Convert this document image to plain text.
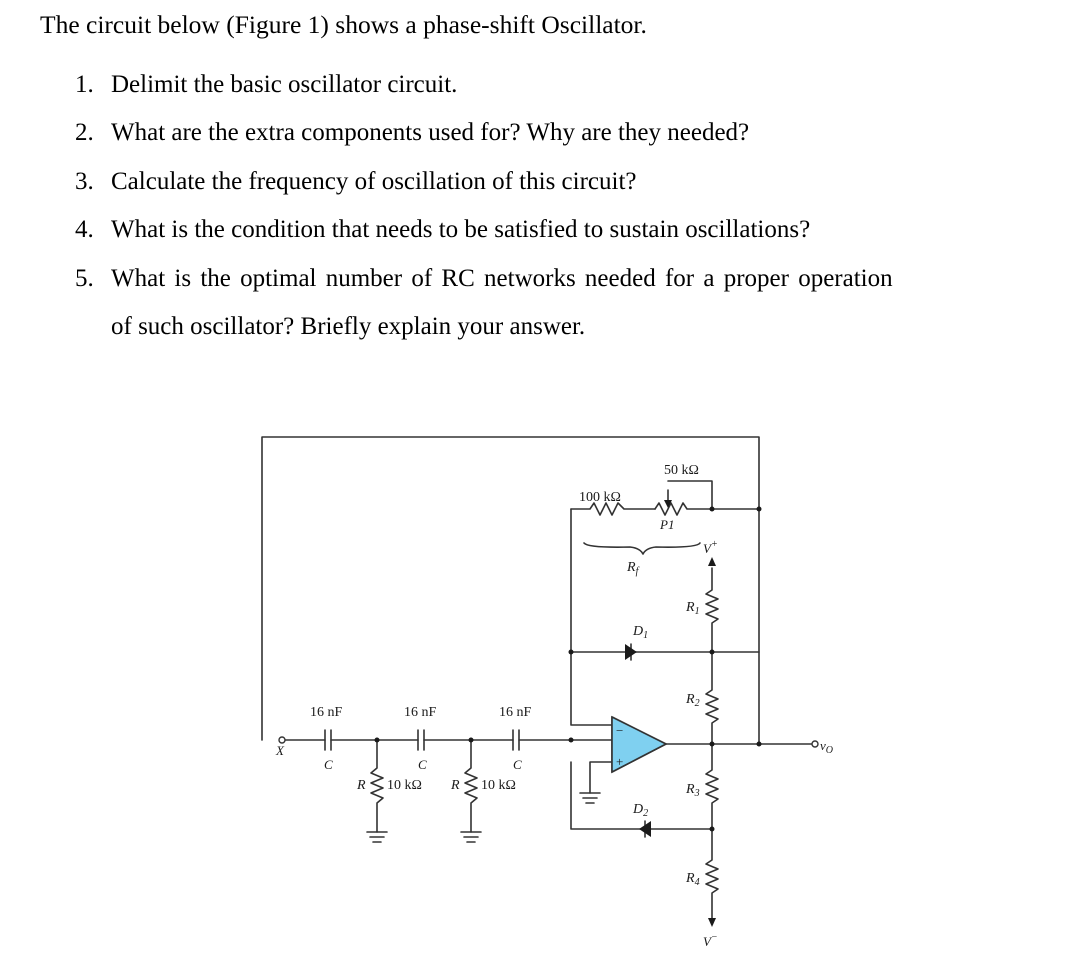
The circuit below (Figure 1) shows a phase-shift Oscillator.
1. Delimit the basic oscillator circuit.
2. What are the extra components used for? Why are they needed?
3. Calculate the frequency of oscillation of this circuit?
4. What is the condition that needs to be satisfied to sustain oscillations?
5. What is the optimal number of RC networks needed for a proper operation
of such oscillator? Briefly explain your answer.
X	$v_O$
16 nF	16 nF	16 nF
C	C	C
R 10 kΩ R 10 kΩ
100 kΩ
50 kΩ
P1
$R_f$
$D_1$
$D_2$
$R_1$
$R_2$
$R_3$
$R_4$
V+
V−
−
+
